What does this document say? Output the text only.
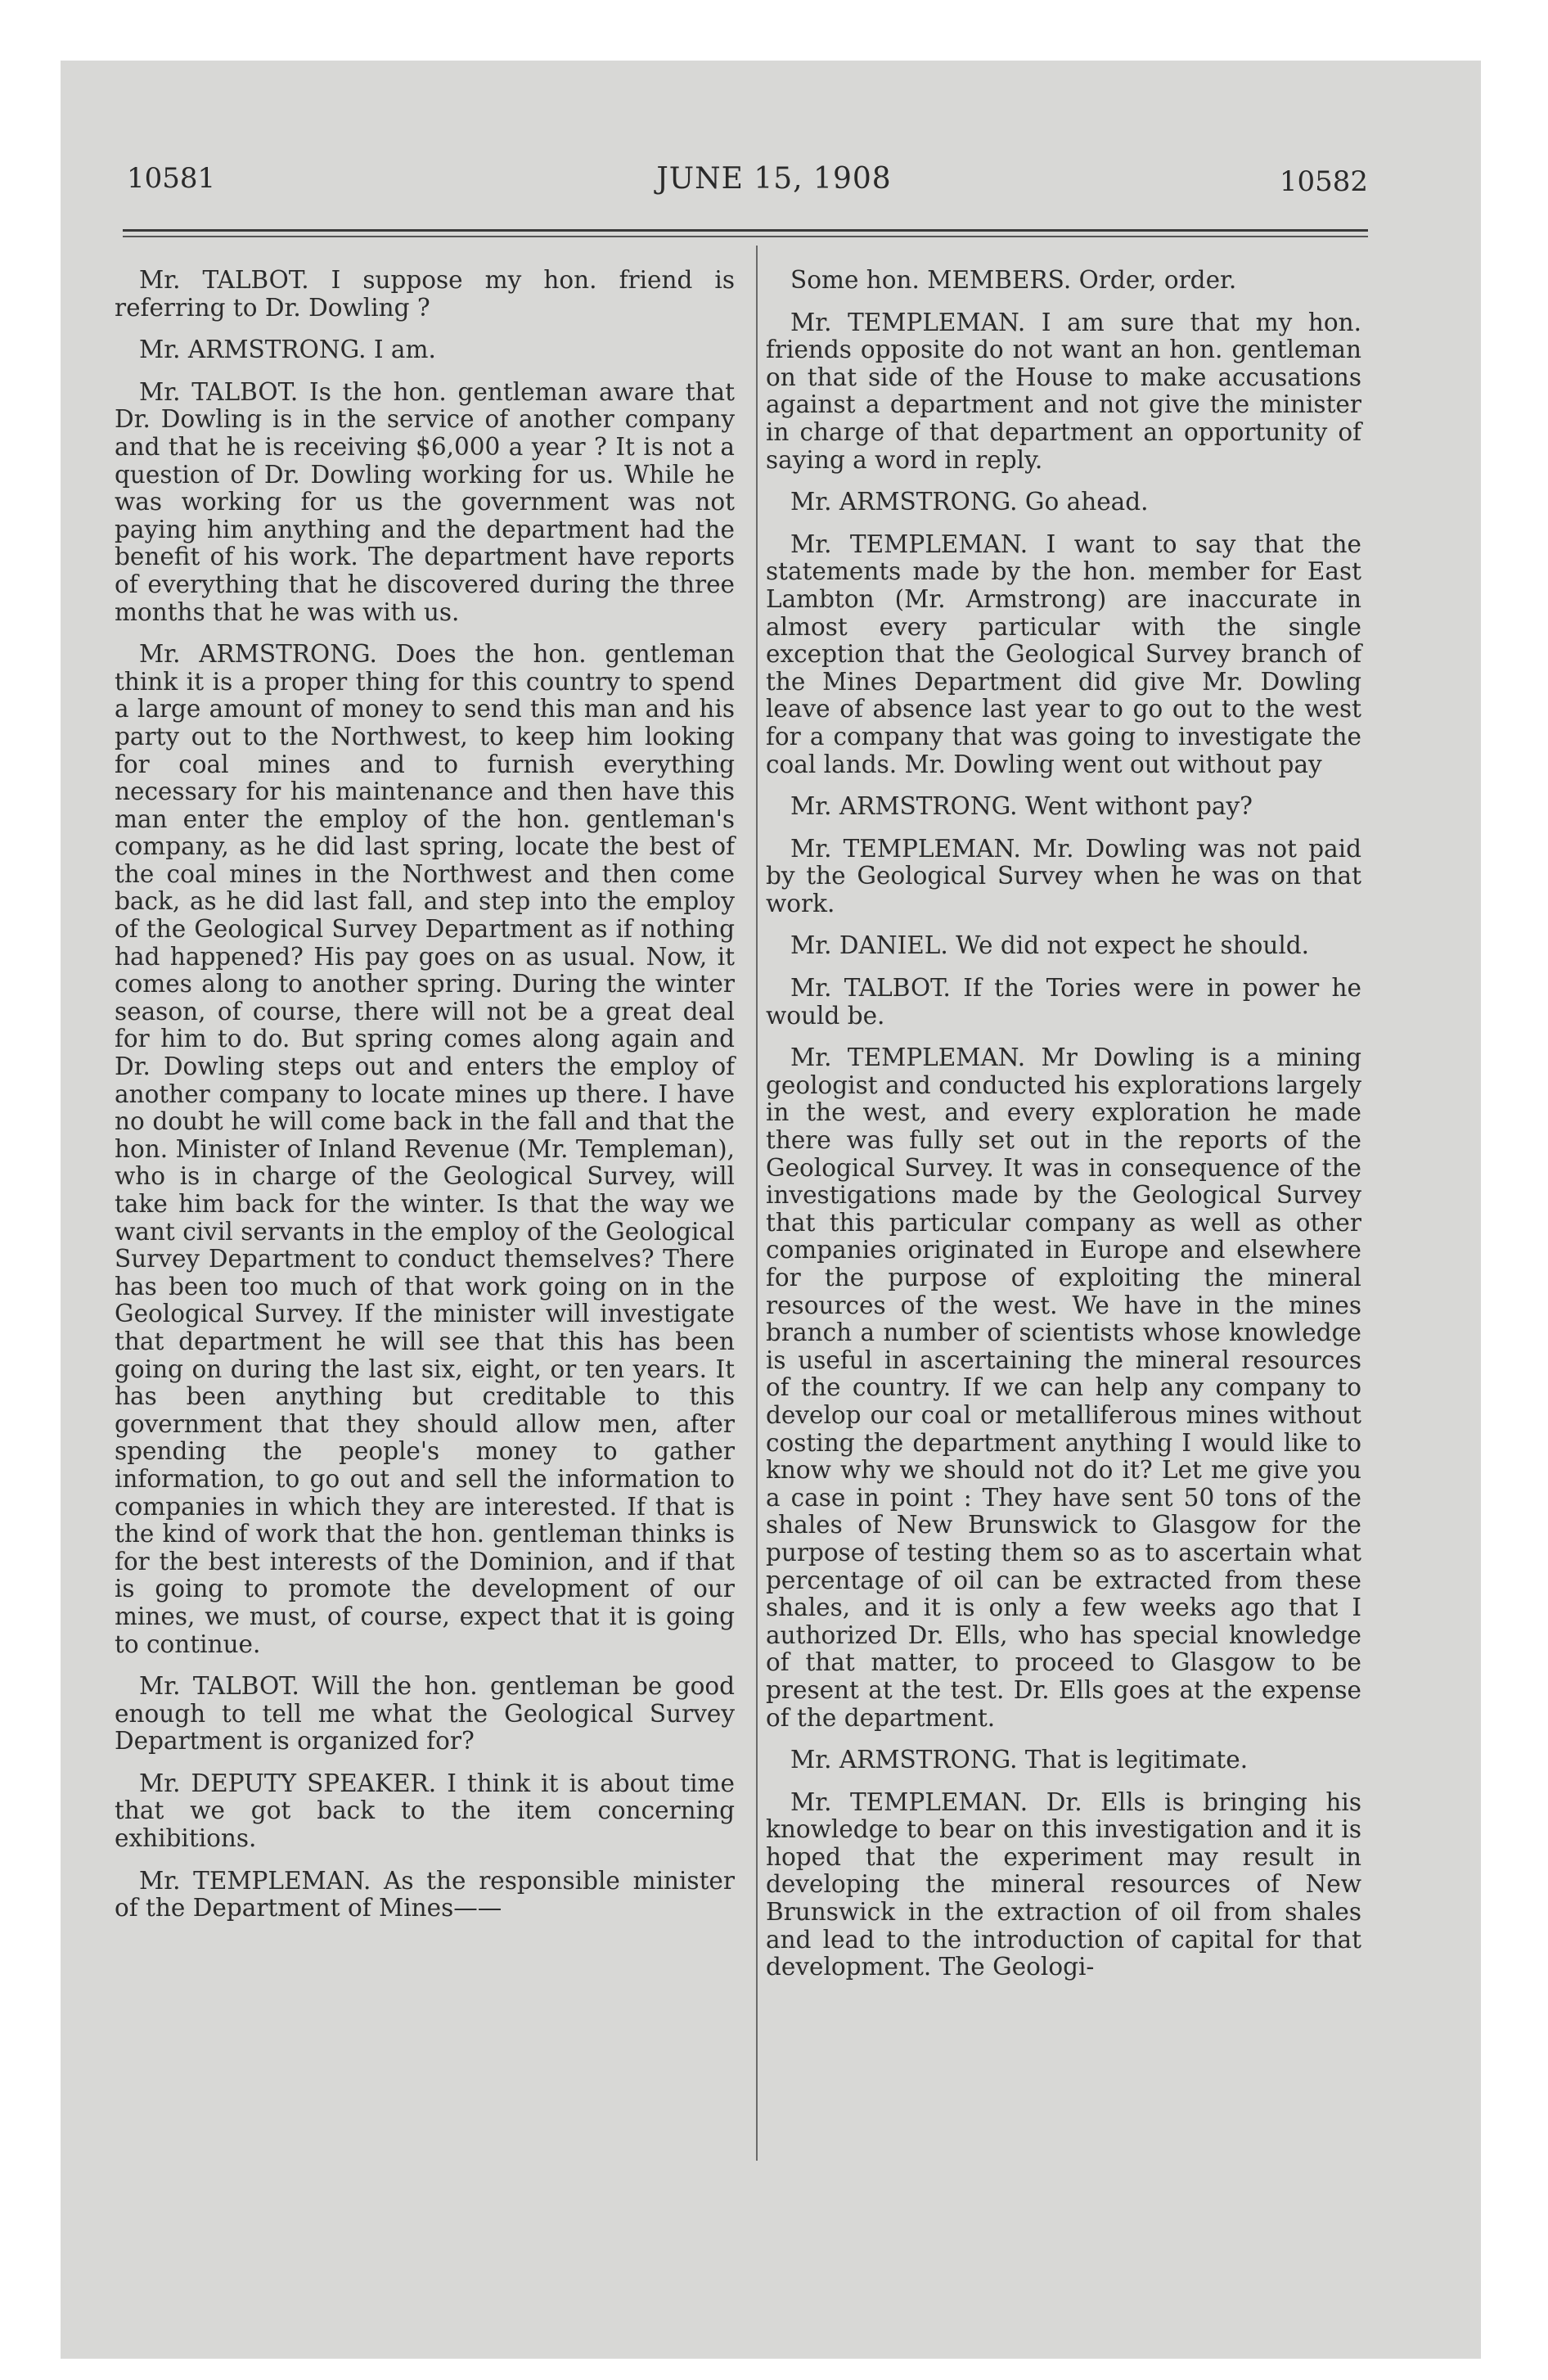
10581	JUNE 15, 1908	10582

Mr. TALBOT. I suppose my hon. friend is referring to Dr. Dowling ?

Mr. ARMSTRONG. I am.

Mr. TALBOT. Is the hon. gentleman aware that Dr. Dowling is in the service of another company and that he is receiving $6,000 a year ? It is not a question of Dr. Dowling working for us. While he was working for us the government was not paying him anything and the department had the benefit of his work. The department have reports of everything that he discovered during the three months that he was with us.

Mr. ARMSTRONG. Does the hon. gentleman think it is a proper thing for this country to spend a large amount of money to send this man and his party out to the Northwest, to keep him looking for coal mines and to furnish everything necessary for his maintenance and then have this man enter the employ of the hon. gentleman's company, as he did last spring, locate the best of the coal mines in the Northwest and then come back, as he did last fall, and step into the employ of the Geological Survey Department as if nothing had happened? His pay goes on as usual. Now, it comes along to another spring. During the winter season, of course, there will not be a great deal for him to do. But spring comes along again and Dr. Dowling steps out and enters the employ of another company to locate mines up there. I have no doubt he will come back in the fall and that the hon. Minister of Inland Revenue (Mr. Templeman), who is in charge of the Geological Survey, will take him back for the winter. Is that the way we want civil servants in the employ of the Geological Survey Department to conduct themselves? There has been too much of that work going on in the Geological Survey. If the minister will investigate that department he will see that this has been going on during the last six, eight, or ten years. It has been anything but creditable to this government that they should allow men, after spending the people's money to gather information, to go out and sell the information to companies in which they are interested. If that is the kind of work that the hon. gentleman thinks is for the best interests of the Dominion, and if that is going to promote the development of our mines, we must, of course, expect that it is going to continue.

Mr. TALBOT. Will the hon. gentleman be good enough to tell me what the Geological Survey Department is organized for?

Mr. DEPUTY SPEAKER. I think it is about time that we got back to the item concerning exhibitions.

Mr. TEMPLEMAN. As the responsible minister of the Department of Mines——

Some hon. MEMBERS. Order, order.

Mr. TEMPLEMAN. I am sure that my hon. friends opposite do not want an hon. gentleman on that side of the House to make accusations against a department and not give the minister in charge of that department an opportunity of saying a word in reply.

Mr. ARMSTRONG. Go ahead.

Mr. TEMPLEMAN. I want to say that the statements made by the hon. member for East Lambton (Mr. Armstrong) are inaccurate in almost every particular with the single exception that the Geological Survey branch of the Mines Department did give Mr. Dowling leave of absence last year to go out to the west for a company that was going to investigate the coal lands. Mr. Dowling went out without pay

Mr. ARMSTRONG. Went withont pay?

Mr. TEMPLEMAN. Mr. Dowling was not paid by the Geological Survey when he was on that work.

Mr. DANIEL. We did not expect he should.

Mr. TALBOT. If the Tories were in power he would be.

Mr. TEMPLEMAN. Mr Dowling is a mining geologist and conducted his explorations largely in the west, and every exploration he made there was fully set out in the reports of the Geological Survey. It was in consequence of the investigations made by the Geological Survey that this particular company as well as other companies originated in Europe and elsewhere for the purpose of exploiting the mineral resources of the west. We have in the mines branch a number of scientists whose knowledge is useful in ascertaining the mineral resources of the country. If we can help any company to develop our coal or metalliferous mines without costing the department anything I would like to know why we should not do it? Let me give you a case in point : They have sent 50 tons of the shales of New Brunswick to Glasgow for the purpose of testing them so as to ascertain what percentage of oil can be extracted from these shales, and it is only a few weeks ago that I authorized Dr. Ells, who has special knowledge of that matter, to proceed to Glasgow to be present at the test. Dr. Ells goes at the expense of the department.

Mr. ARMSTRONG. That is legitimate.

Mr. TEMPLEMAN. Dr. Ells is bringing his knowledge to bear on this investigation and it is hoped that the experiment may result in developing the mineral resources of New Brunswick in the extraction of oil from shales and lead to the introduction of capital for that development. The Geologi-
